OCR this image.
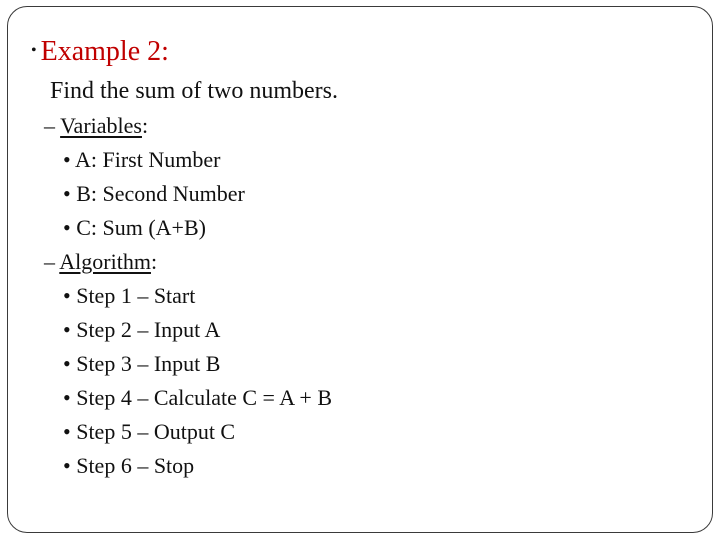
• Example 2:
Find the sum of two numbers.
– Variables:
• A: First Number
• B: Second Number
• C: Sum (A+B)
– Algorithm:
• Step 1 – Start
• Step 2 – Input A
• Step 3 – Input B
• Step 4 – Calculate C = A + B
• Step 5 – Output C
• Step 6 – Stop
